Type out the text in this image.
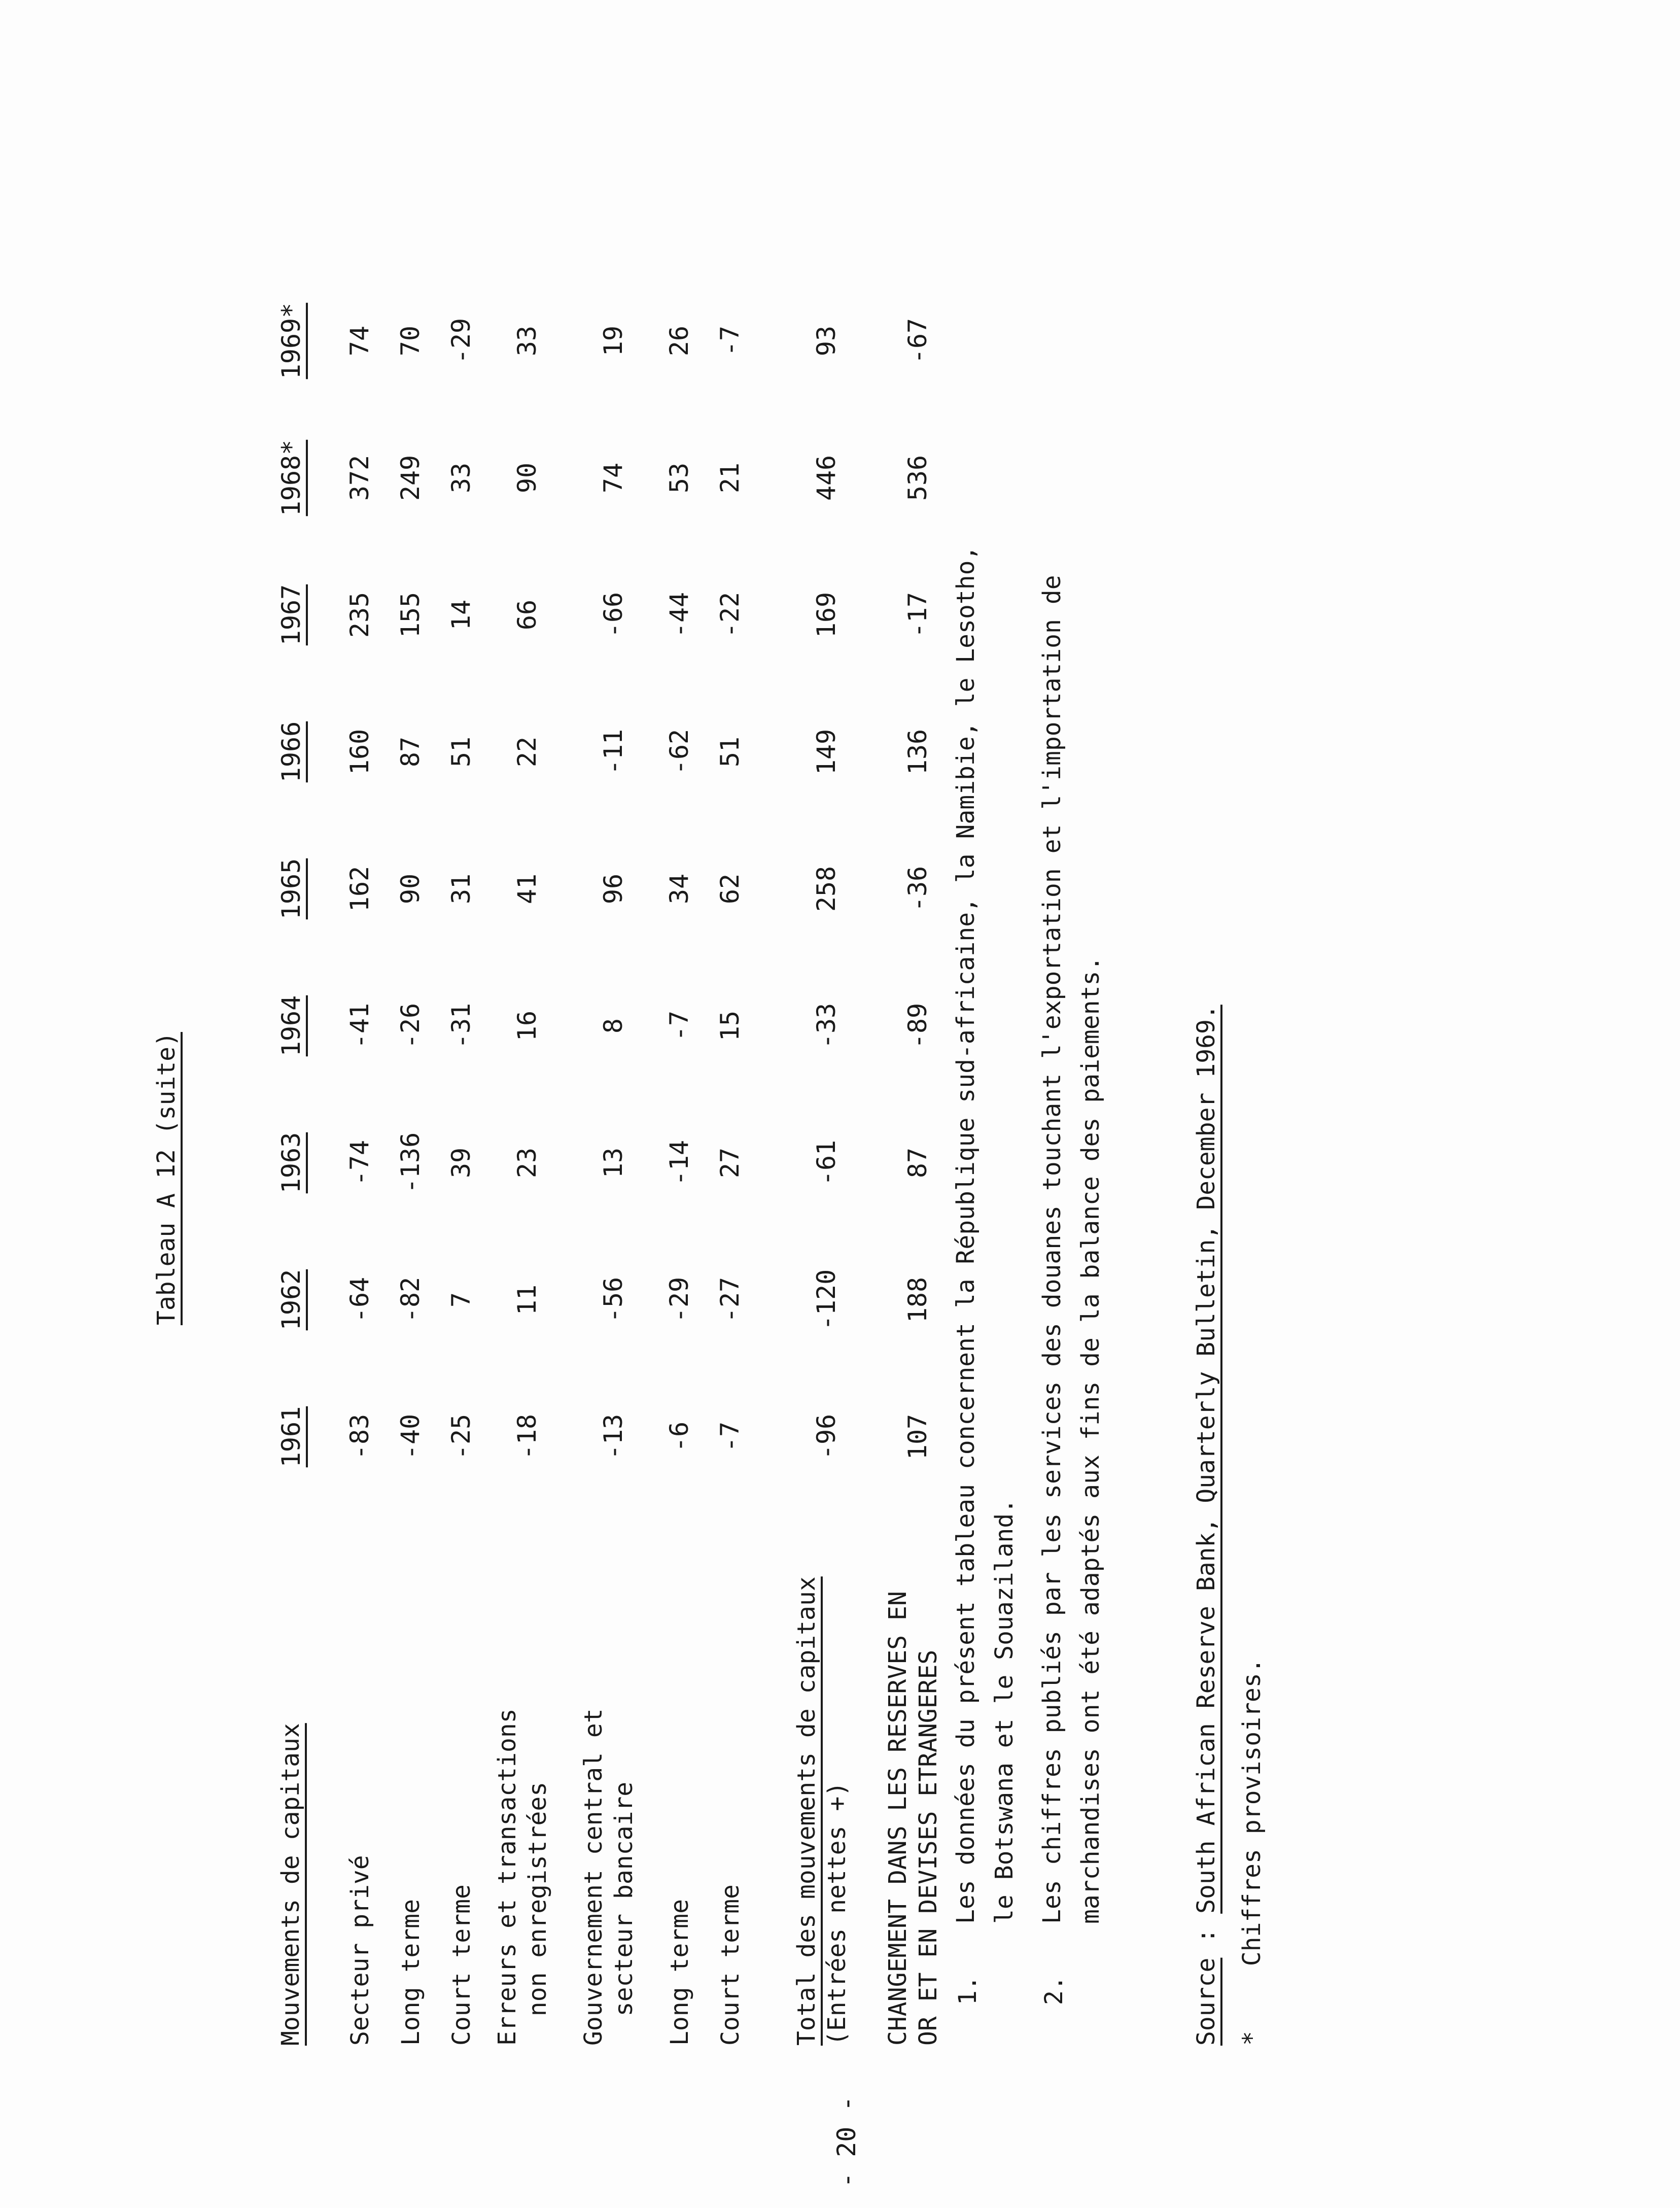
- 20 -
Tableau A 12 (suite)
Mouvements de capitaux
1961
1962
1963
1964
1965
1966
1967
1968*
1969*
Secteur privé
-83
-64
-74
-41
162
160
235
372
74
Long terme
-40
-82
-136
-26
90
87
155
249
70
Court terme
-25
7
39
-31
31
51
14
33
-29
Erreurs et transactions non enregistrées
-18
11
23
16
41
22
66
90
33
Gouvernement central et secteur bancaire
-13
-56
13
8
96
-11
-66
74
19
Long terme
-6
-29
-14
-7
34
-62
-44
53
26
Court terme
-7
-27
27
15
62
51
-22
21
-7
Total des mouvements de capitaux (Entrées nettes +)
-96
-120
-61
-33
258
149
169
446
93
CHANGEMENT DANS LES RESERVES EN OR ET EN DEVISES ETRANGERES
107
188
87
-89
-36
136
-17
536
-67
1.
Les données du présent tableau concernent la République sud-africaine, la Namibie, le Lesotho, le Botswana et le Souaziland.
2.
Les chiffres publiés par les services des douanes touchant l'exportation et l'importation de marchandises ont été adaptés aux fins de la balance des paiements.
Source : South African Reserve Bank, Quarterly Bulletin, December 1969.
*  Chiffres provisoires.
